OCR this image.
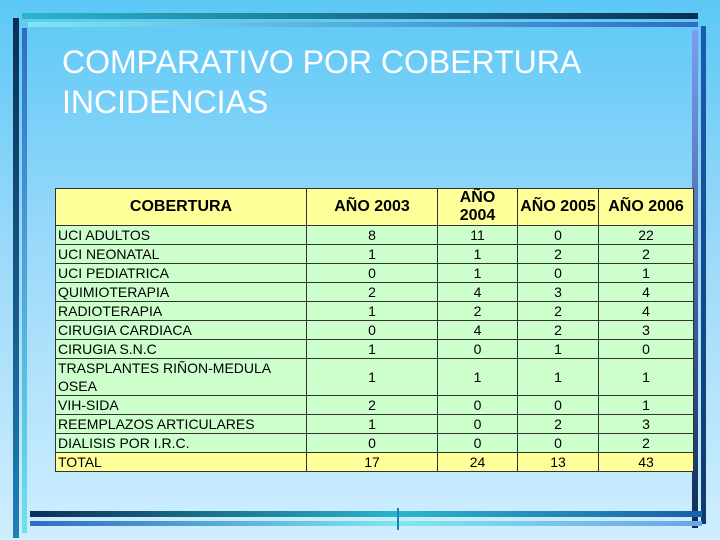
COMPARATIVO POR COBERTURA
INCIDENCIAS
COBERTURA	AÑO 2003	AÑO 2004	AÑO 2005	AÑO 2006
UCI ADULTOS	8	11	0	22
UCI NEONATAL	1	1	2	2
UCI PEDIATRICA	0	1	0	1
QUIMIOTERAPIA	2	4	3	4
RADIOTERAPIA	1	2	2	4
CIRUGIA CARDIACA	0	4	2	3
CIRUGIA S.N.C	1	0	1	0
TRASPLANTES RIÑON-MEDULA OSEA	1	1	1	1
VIH-SIDA	2	0	0	1
REEMPLAZOS ARTICULARES	1	0	2	3
DIALISIS POR I.R.C.	0	0	0	2
TOTAL	17	24	13	43
